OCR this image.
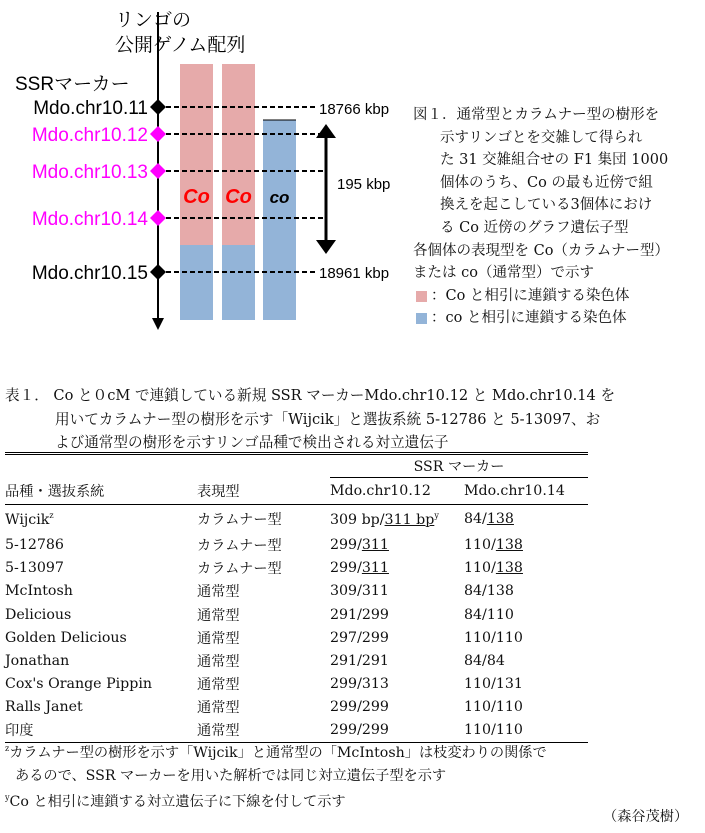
リンゴの
公開ゲノム配列
SSRマーカー
Co Co co
Mdo.chr10.11
Mdo.chr10.12
Mdo.chr10.13
Mdo.chr10.14
Mdo.chr10.15
18766 kbp
18961 kbp
195 kbp
図１．通常型とカラムナー型の樹形を
示すリンゴとを交雑して得られ
た 31 交雑組合せの F1 集団 1000
個体のうち、Co の最も近傍で組
換えを起こしている3個体におけ
る Co 近傍のグラフ遺伝子型
各個体の表現型を Co（カラムナー型）
または co（通常型）で示す
：Co と相引に連鎖する染色体
：co と相引に連鎖する染色体
表１． Co と０cM で連鎖している新規 SSR マーカーMdo.chr10.12 と Mdo.chr10.14 を
用いてカラムナー型の樹形を示す「Wijcik」と選抜系統 5-12786 と 5-13097、お
よび通常型の樹形を示すリンゴ品種で検出される対立遺伝子
		SSR マーカー	
品種・選抜系統	表現型	Mdo.chr10.12	Mdo.chr10.14
Wijcik$^z$	カラムナー型	309 bp/311 $bp^y$	84/138
5-12786	カラムナー型	299/311	110/138
5-13097	カラムナー型	299/311	110/138
McIntosh	通常型	309/311	84/138
Delicious	通常型	291/299	84/110
Golden Delicious	通常型	297/299	110/110
Jonathan	通常型	291/291	84/84
Cox's Orange Pippin	通常型	299/313	110/131
Ralls Janet	通常型	299/299	110/110
印度	通常型	299/299	110/110
$^z$カラムナー型の樹形を示す「Wijcik」と通常型の「McIntosh」は枝変わりの関係で
あるので、SSR マーカーを用いた解析では同じ対立遺伝子型を示す
$^y$Co と相引に連鎖する対立遺伝子に下線を付して示す
（森谷茂樹）
